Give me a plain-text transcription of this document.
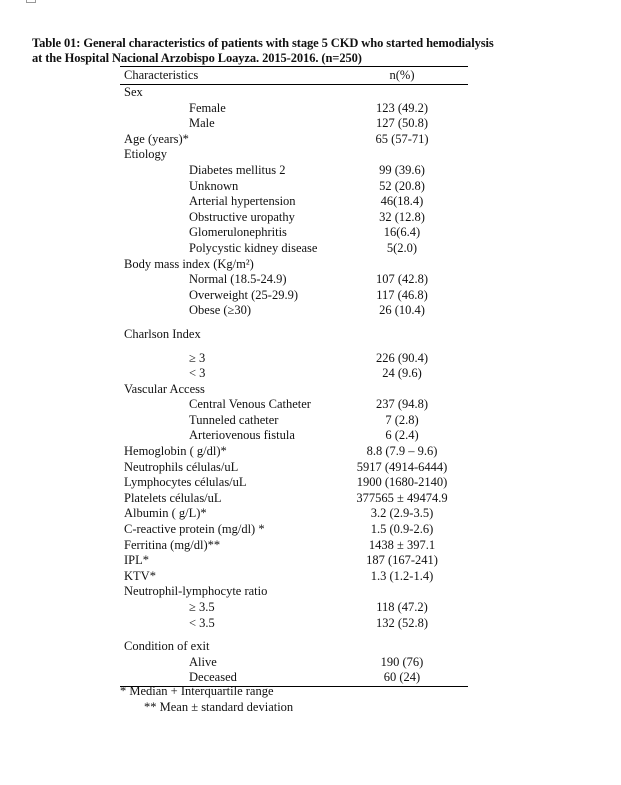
Table 01: General characteristics of patients with stage 5 CKD who started hemodialysis
at the Hospital Nacional Arzobispo Loayza. 2015-2016. (n=250)
Characteristics	n(%)
Sex
Female	123 (49.2)
Male	127 (50.8)
Age (years)*	65 (57-71)
Etiology
Diabetes mellitus 2	99 (39.6)
Unknown	52 (20.8)
Arterial hypertension	46(18.4)
Obstructive uropathy	32 (12.8)
Glomerulonephritis	16(6.4)
Polycystic kidney disease	5(2.0)
Body mass index (Kg/m²)
Normal (18.5-24.9)	107 (42.8)
Overweight (25-29.9)	117 (46.8)
Obese (≥30)	26 (10.4)
Charlson Index
≥ 3	226 (90.4)
< 3	24 (9.6)
Vascular Access
Central Venous Catheter	237 (94.8)
Tunneled catheter	7 (2.8)
Arteriovenous fistula	6 (2.4)
Hemoglobin ( g/dl)*	8.8 (7.9 – 9.6)
Neutrophils células/uL	5917 (4914-6444)
Lymphocytes células/uL	1900 (1680-2140)
Platelets células/uL	377565 ± 49474.9
Albumin ( g/L)*	3.2 (2.9-3.5)
C-reactive protein (mg/dl) *	1.5 (0.9-2.6)
Ferritina (mg/dl)**	1438 ± 397.1
IPL*	187 (167-241)
KTV*	1.3 (1.2-1.4)
Neutrophil-lymphocyte ratio
≥ 3.5	118 (47.2)
< 3.5	132 (52.8)
Condition of exit
Alive	190 (76)
Deceased	60 (24)
* Median + Interquartile range
** Mean ± standard deviation
